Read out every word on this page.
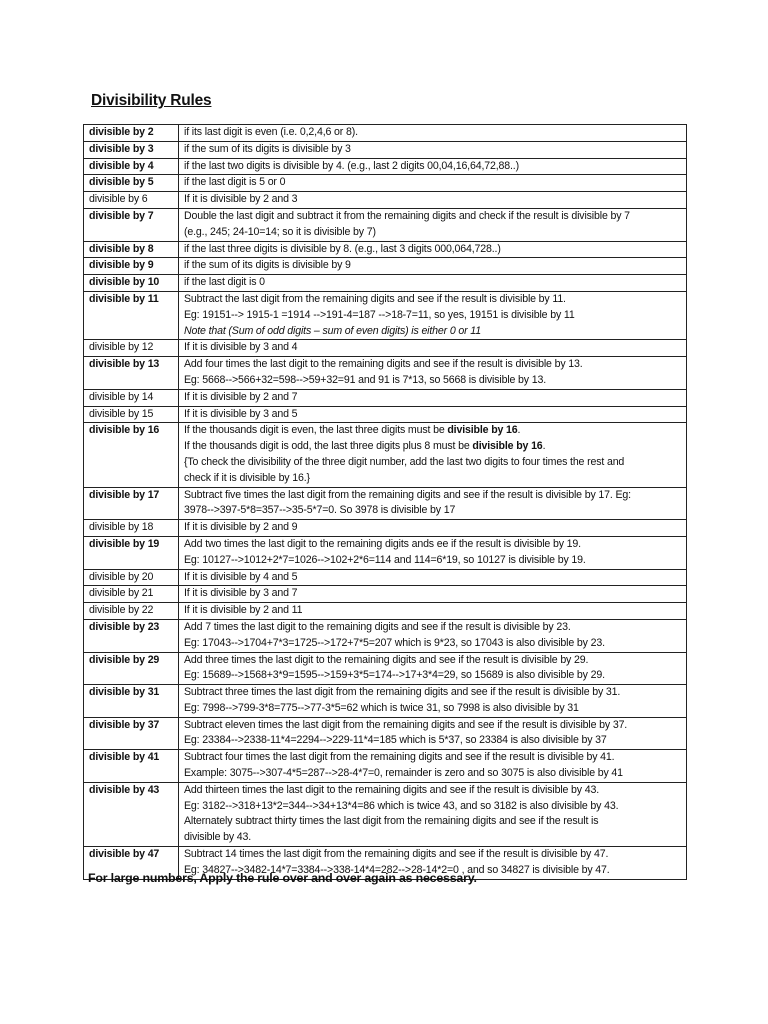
Divisibility Rules
divisible by 2	if its last digit is even (i.e. 0,2,4,6 or 8).

divisible by 3	if the sum of its digits is divisible by 3

divisible by 4	if the last two digits is divisible by 4. (e.g., last 2 digits 00,04,16,64,72,88..)

divisible by 5	if the last digit is 5 or 0

divisible by 6	If it is divisible by 2 and 3

divisible by 7	Double the last digit and subtract it from the remaining digits and check if the result is divisible by 7
(e.g., 245; 24-10=14; so it is divisible by 7)

divisible by 8	if the last three digits is divisible by 8. (e.g., last 3 digits 000,064,728..)

divisible by 9	if the sum of its digits is divisible by 9

divisible by 10	if the last digit is 0

divisible by 11	Subtract the last digit from the remaining digits and see if the result is divisible by 11.
Eg: 19151--> 1915-1 =1914 -->191-4=187 -->18-7=11, so yes, 19151 is divisible by 11
Note that (Sum of odd digits – sum of even digits) is either 0 or 11

divisible by 12	If it is divisible by 3 and 4

divisible by 13	Add four times the last digit to the remaining digits and see if the result is divisible by 13.
Eg: 5668-->566+32=598-->59+32=91 and 91 is 7*13, so 5668 is divisible by 13.

divisible by 14	If it is divisible by 2 and 7

divisible by 15	If it is divisible by 3 and 5

divisible by 16	If the thousands digit is even, the last three digits must be divisible by 16.
If the thousands digit is odd, the last three digits plus 8 must be divisible by 16.
{To check the divisibility of the three digit number, add the last two digits to four times the rest and
check if it is divisible by 16.}

divisible by 17	Subtract five times the last digit from the remaining digits and see if the result is divisible by 17. Eg:
3978-->397-5*8=357-->35-5*7=0. So 3978 is divisible by 17

divisible by 18	If it is divisible by 2 and 9

divisible by 19	Add two times the last digit to the remaining digits ands ee if the result is divisible by 19.
Eg: 10127-->1012+2*7=1026-->102+2*6=114 and 114=6*19, so 10127 is divisible by 19.

divisible by 20	If it is divisible by 4 and 5

divisible by 21	If it is divisible by 3 and 7

divisible by 22	If it is divisible by 2 and 11

divisible by 23	Add 7 times the last digit to the remaining digits and see if the result is divisible by 23.
Eg: 17043-->1704+7*3=1725-->172+7*5=207 which is 9*23, so 17043 is also divisible by 23.

divisible by 29	Add three times the last digit to the remaining digits and see if the result is divisible by 29.
Eg: 15689-->1568+3*9=1595-->159+3*5=174-->17+3*4=29, so 15689 is also divisible by 29.

divisible by 31	Subtract three times the last digit from the remaining digits and see if the result is divisible by 31.
Eg: 7998-->799-3*8=775-->77-3*5=62 which is twice 31, so 7998 is also divisible by 31

divisible by 37	Subtract eleven times the last digit from the remaining digits and see if the result is divisible by 37.
Eg: 23384-->2338-11*4=2294-->229-11*4=185 which is 5*37, so 23384 is also divisible by 37

divisible by 41	Subtract four times the last digit from the remaining digits and see if the result is divisible by 41.
Example: 3075-->307-4*5=287-->28-4*7=0, remainder is zero and so 3075 is also divisible by 41

divisible by 43	Add thirteen times the last digit to the remaining digits and see if the result is divisible by 43.
Eg: 3182-->318+13*2=344-->34+13*4=86 which is twice 43, and so 3182 is also divisible by 43.
Alternately subtract thirty times the last digit from the remaining digits and see if the result is
divisible by 43.

divisible by 47	Subtract 14 times the last digit from the remaining digits and see if the result is divisible by 47.
Eg: 34827-->3482-14*7=3384-->338-14*4=282-->28-14*2=0 , and so 34827 is divisible by 47.
For large numbers, Apply the rule over and over again as necessary.
